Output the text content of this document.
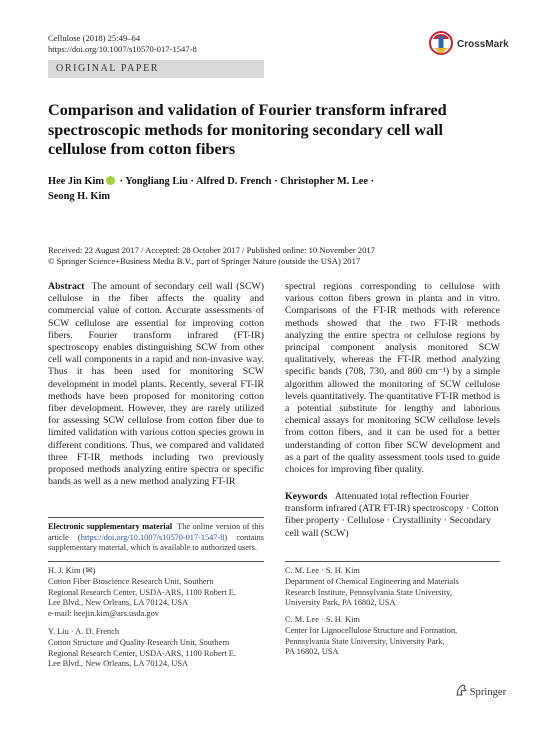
Cellulose (2018) 25:49–64
https://doi.org/10.1007/s10570-017-1547-8	CrossMark
ORIGINAL PAPER
Comparison and validation of Fourier transform infrared spectroscopic methods for monitoring secondary cell wall cellulose from cotton fibers
Hee Jin Kim · Yongliang Liu · Alfred D. French · Christopher M. Lee ·
Seong H. Kim
Received: 22 August 2017 / Accepted: 28 October 2017 / Published online: 10 November 2017
© Springer Science+Business Media B.V., part of Springer Nature (outside the USA) 2017
Abstract The amount of secondary cell wall (SCW) cellulose in the fiber affects the quality and commercial value of cotton. Accurate assessments of SCW cellulose are essential for improving cotton fibers. Fourier transform infrared (FT-IR) spectroscopy enables distinguishing SCW from other cell wall components in a rapid and non-invasive way. Thus it has been used for monitoring SCW development in model plants. Recently, several FT-IR methods have been proposed for monitoring cotton fiber development. However, they are rarely utilized for assessing SCW cellulose from cotton fiber due to limited validation with various cotton species grown in different conditions. Thus, we compared and validated three FT-IR methods including two previously proposed methods analyzing entire spectra or specific bands as well as a new method analyzing FT-IR
spectral regions corresponding to cellulose with various cotton fibers grown in planta and in vitro. Comparisons of the FT-IR methods with reference methods showed that the two FT-IR methods analyzing the entire spectra or cellulose regions by principal component analysis monitored SCW qualitatively, whereas the FT-IR method analyzing specific bands (708, 730, and 800 cm⁻¹) by a simple algorithm allowed the monitoring of SCW cellulose levels quantitatively. The quantitative FT-IR method is a potential substitute for lengthy and laborious chemical assays for monitoring SCW cellulose levels from cotton fibers, and it can be used for a better understanding of cotton fiber SCW development and as a part of the quality assessment tools used to guide choices for improving fiber quality.
Keywords Attenuated total reflection Fourier transform infrared (ATR FT-IR) spectroscopy · Cotton fiber property · Cellulose · Crystallinity · Secondary cell wall (SCW)
Electronic supplementary material The online version of this article (https://doi.org/10.1007/s10570-017-1547-8) contains supplementary material, which is available to authorized users.
H. J. Kim (✉)
Cotton Fiber Bioscience Research Unit, Southern
Regional Research Center, USDA-ARS, 1100 Robert E.
Lee Blvd., New Orleans, LA 70124, USA
e-mail: heejin.kim@ars.usda.gov
Y. Liu · A. D. French
Cotton Structure and Quality Research Unit, Southern
Regional Research Center, USDA-ARS, 1100 Robert E.
Lee Blvd., New Orleans, LA 70124, USA
C. M. Lee · S. H. Kim
Department of Chemical Engineering and Materials
Research Institute, Pennsylvania State University,
University Park, PA 16802, USA
C. M. Lee · S. H. Kim
Center for Lignocellulose Structure and Formation,
Pennsylvania State University, University Park,
PA 16802, USA
Springer
